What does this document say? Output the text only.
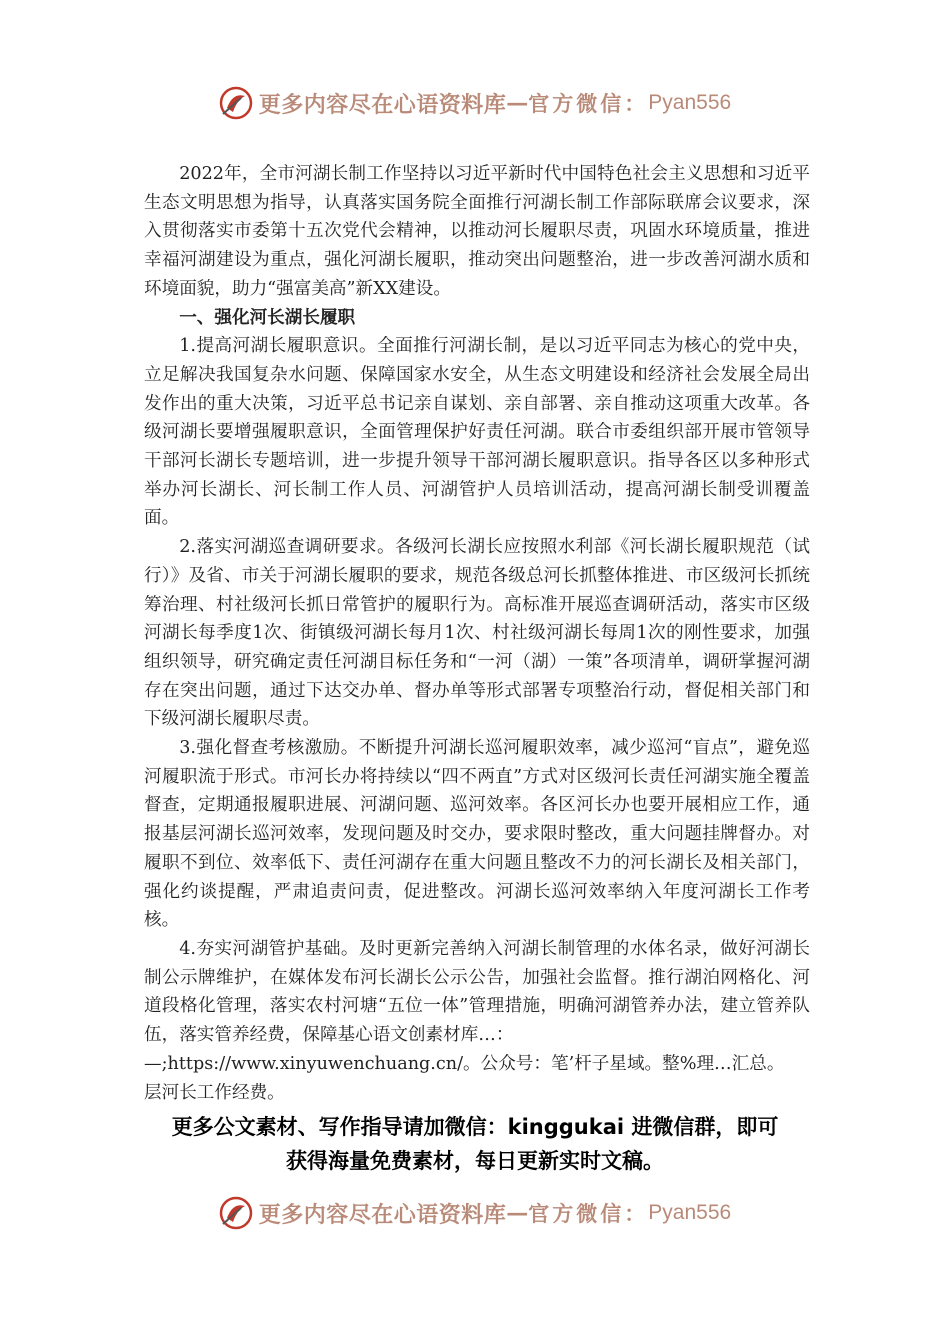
更多内容尽在心语资料库 — 官方微信： Pyan556

2022年，全市河湖长制工作坚持以习近平新时代中国特色社会主义思想和习近平生态文明思想为指导，认真落实国务院全面推行河湖长制工作部际联席会议要求，深入贯彻落实市委第十五次党代会精神，以推动河长履职尽责，巩固水环境质量，推进幸福河湖建设为重点，强化河湖长履职，推动突出问题整治，进一步改善河湖水质和环境面貌，助力“强富美高”新XX建设。

一、强化河长湖长履职

1.提高河湖长履职意识。全面推行河湖长制，是以习近平同志为核心的党中央，立足解决我国复杂水问题、保障国家水安全，从生态文明建设和经济社会发展全局出发作出的重大决策，习近平总书记亲自谋划、亲自部署、亲自推动这项重大改革。各级河湖长要增强履职意识，全面管理保护好责任河湖。联合市委组织部开展市管领导干部河长湖长专题培训，进一步提升领导干部河湖长履职意识。指导各区以多种形式举办河长湖长、河长制工作人员、河湖管护人员培训活动，提高河湖长制受训覆盖面。

2.落实河湖巡查调研要求。各级河长湖长应按照水利部《河长湖长履职规范（试行）》及省、市关于河湖长履职的要求，规范各级总河长抓整体推进、市区级河长抓统筹治理、村社级河长抓日常管护的履职行为。高标准开展巡查调研活动，落实市区级河湖长每季度1次、街镇级河湖长每月1次、村社级河湖长每周1次的刚性要求，加强组织领导，研究确定责任河湖目标任务和“一河（湖）一策”各项清单，调研掌握河湖存在突出问题，通过下达交办单、督办单等形式部署专项整治行动，督促相关部门和下级河湖长履职尽责。

3.强化督查考核激励。不断提升河湖长巡河履职效率，减少巡河“盲点”，避免巡河履职流于形式。市河长办将持续以“四不两直”方式对区级河长责任河湖实施全覆盖督查，定期通报履职进展、河湖问题、巡河效率。各区河长办也要开展相应工作，通报基层河湖长巡河效率，发现问题及时交办，要求限时整改，重大问题挂牌督办。对履职不到位、效率低下、责任河湖存在重大问题且整改不力的河长湖长及相关部门，强化约谈提醒，严肃追责问责，促进整改。河湖长巡河效率纳入年度河湖长工作考核。

4.夯实河湖管护基础。及时更新完善纳入河湖长制管理的水体名录，做好河湖长制公示牌维护，在媒体发布河长湖长公示公告，加强社会监督。推行湖泊网格化、河道段格化管理，落实农村河塘“五位一体”管理措施，明确河湖管养办法，建立管养队伍，落实管养经费，保障基心语文创素材库…：

—;https://www.xinyuwenchuang.cn/。公众号：笔’杆子星域。整%理…汇总。

层河长工作经费。

更多公文素材、写作指导请加微信：kinggukai 进微信群，即可
获得海量免费素材，每日更新实时文稿。
更多内容尽在心语资料库 — 官方微信： Pyan556
